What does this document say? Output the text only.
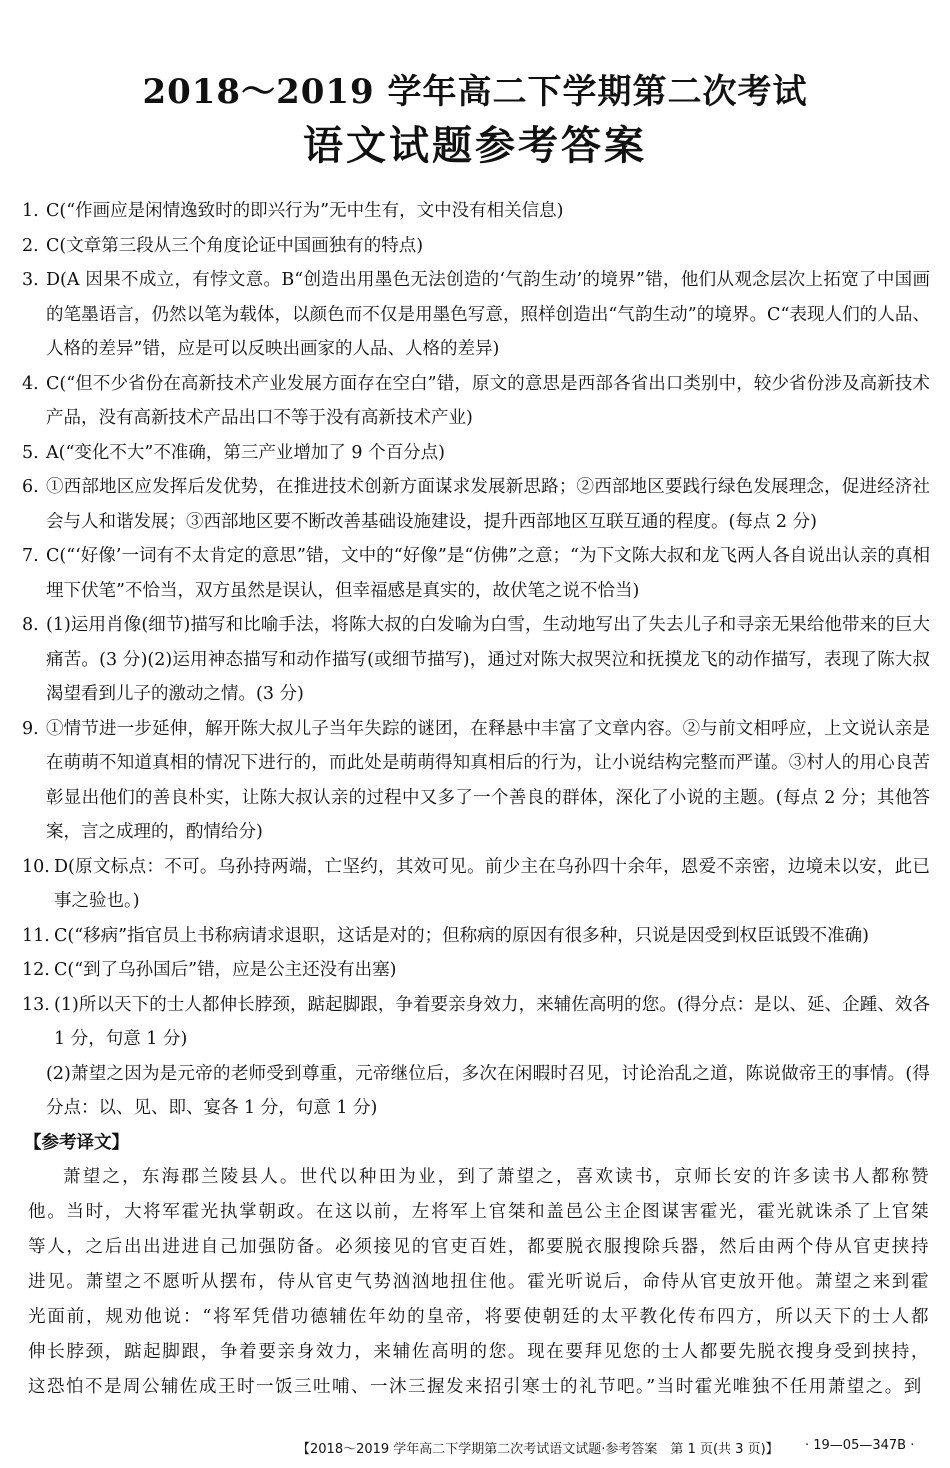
2018～2019 学年高二下学期第二次考试
语文试题参考答案
1. C(“作画应是闲情逸致时的即兴行为”无中生有，文中没有相关信息)
2. C(文章第三段从三个角度论证中国画独有的特点)
3. D(A 因果不成立，有悖文意。B“创造出用墨色无法创造的‘气韵生动’的境界”错，他们从观念层次上拓宽了中国画的笔墨语言，仍然以笔为载体，以颜色而不仅是用墨色写意，照样创造出“气韵生动”的境界。C“表现人们的人品、人格的差异”错，应是可以反映出画家的人品、人格的差异)
4. C(“但不少省份在高新技术产业发展方面存在空白”错，原文的意思是西部各省出口类别中，较少省份涉及高新技术产品，没有高新技术产品出口不等于没有高新技术产业)
5. A(“变化不大”不准确，第三产业增加了 9 个百分点)
6. ①西部地区应发挥后发优势，在推进技术创新方面谋求发展新思路；②西部地区要践行绿色发展理念，促进经济社会与人和谐发展；③西部地区要不断改善基础设施建设，提升西部地区互联互通的程度。(每点 2 分)
7. C(“‘好像’一词有不太肯定的意思”错，文中的“好像”是“仿佛”之意；“为下文陈大叔和龙飞两人各自说出认亲的真相埋下伏笔”不恰当，双方虽然是误认，但幸福感是真实的，故伏笔之说不恰当)
8. (1)运用肖像(细节)描写和比喻手法，将陈大叔的白发喻为白雪，生动地写出了失去儿子和寻亲无果给他带来的巨大痛苦。(3 分)(2)运用神态描写和动作描写(或细节描写)，通过对陈大叔哭泣和抚摸龙飞的动作描写，表现了陈大叔渴望看到儿子的激动之情。(3 分)
9. ①情节进一步延伸，解开陈大叔儿子当年失踪的谜团，在释悬中丰富了文章内容。②与前文相呼应，上文说认亲是在萌萌不知道真相的情况下进行的，而此处是萌萌得知真相后的行为，让小说结构完整而严谨。③村人的用心良苦彰显出他们的善良朴实，让陈大叔认亲的过程中又多了一个善良的群体，深化了小说的主题。(每点 2 分；其他答案，言之成理的，酌情给分)
10. D(原文标点：不可。乌孙持两端，亡坚约，其效可见。前少主在乌孙四十余年，恩爱不亲密，边境未以安，此已事之验也。)
11. C(“移病”指官员上书称病请求退职，这话是对的；但称病的原因有很多种，只说是因受到权臣诋毁不准确)
12. C(“到了乌孙国后”错，应是公主还没有出塞)
13. (1)所以天下的士人都伸长脖颈，踮起脚跟，争着要亲身效力，来辅佐高明的您。(得分点：是以、延、企踵、效各 1 分，句意 1 分)
(2)萧望之因为是元帝的老师受到尊重，元帝继位后，多次在闲暇时召见，讨论治乱之道，陈说做帝王的事情。(得分点：以、见、即、宴各 1 分，句意 1 分)
【参考译文】
萧望之，东海郡兰陵县人。世代以种田为业，到了萧望之，喜欢读书，京师长安的许多读书人都称赞他。当时，大将军霍光执掌朝政。在这以前，左将军上官桀和盖邑公主企图谋害霍光，霍光就诛杀了上官桀等人，之后出出进进自己加强防备。必须接见的官吏百姓，都要脱衣服搜除兵器，然后由两个侍从官吏挟持进见。萧望之不愿听从摆布，侍从官吏气势汹汹地扭住他。霍光听说后，命侍从官吏放开他。萧望之来到霍光面前，规劝他说：“将军凭借功德辅佐年幼的皇帝，将要使朝廷的太平教化传布四方，所以天下的士人都伸长脖颈，踮起脚跟，争着要亲身效力，来辅佐高明的您。现在要拜见您的士人都要先脱衣搜身受到挟持，这恐怕不是周公辅佐成王时一饭三吐哺、一沐三握发来招引寒士的礼节吧。”当时霍光唯独不任用萧望之。到
【2018～2019 学年高二下学期第二次考试语文试题·参考答案　第 1 页(共 3 页)】 · 19—05—347B ·
